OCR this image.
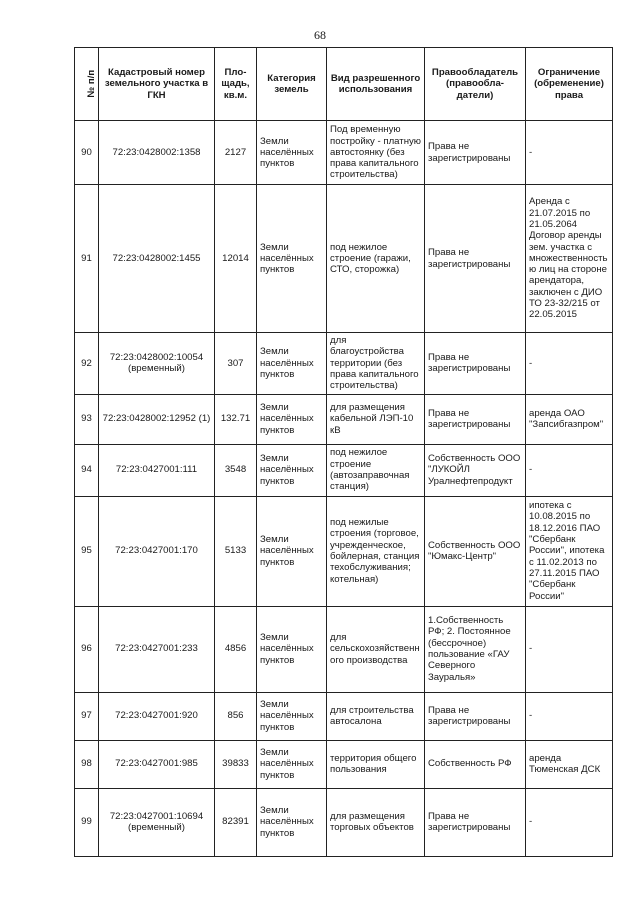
68
№ п/п	Кадастровый номер земельного участка в ГКН	Пло-щадь, кв.м.	Категория земель	Вид разрешенного использования	Правообладатель (правообла-датели)	Ограничение (обременение) права
90	72:23:0428002:1358	2127	Земли населённых пунктов	Под временную постройку - платную автостоянку (без права капитального строительства)	Права не зарегистрированы	-
91	72:23:0428002:1455	12014	Земли населённых пунктов	под нежилое строение (гаражи, СТО, сторожка)	Права не зарегистрированы	Аренда с 21.07.2015 по 21.05.2064 Договор аренды зем. участка с множественностью лиц на стороне арендатора, заключен с ДИО ТО 23-32/215 от 22.05.2015
92	72:23:0428002:10054 (временный)	307	Земли населённых пунктов	для благоустройства территории (без права капитального строительства)	Права не зарегистрированы	-
93	72:23:0428002:12952 (1)	132.71	Земли населённых пунктов	для размещения кабельной ЛЭП-10 кВ	Права не зарегистрированы	аренда ОАО "Запсибгазпром"
94	72:23:0427001:111	3548	Земли населённых пунктов	под нежилое строение (автозаправочная станция)	Собственность ООО "ЛУКОЙЛ Уралнефтепродукт	-
95	72:23:0427001:170	5133	Земли населённых пунктов	под нежилые строения (торговое, учрежденческое, бойлерная, станция техобслуживания; котельная)	Собственность ООО "Юмакс-Центр"	ипотека с 10.08.2015 по 18.12.2016 ПАО "Сбербанк России", ипотека с 11.02.2013 по 27.11.2015 ПАО "Сбербанк России"
96	72:23:0427001:233	4856	Земли населённых пунктов	для сельскохозяйственного производства	1.Собственность РФ; 2. Постоянное (бессрочное) пользование «ГАУ Северного Зауралья»	-
97	72:23:0427001:920	856	Земли населённых пунктов	для строительства автосалона	Права не зарегистрированы	-
98	72:23:0427001:985	39833	Земли населённых пунктов	территория общего пользования	Собственность РФ	аренда Тюменская ДСК
99	72:23:0427001:10694 (временный)	82391	Земли населённых пунктов	для размещения торговых объектов	Права не зарегистрированы	-
